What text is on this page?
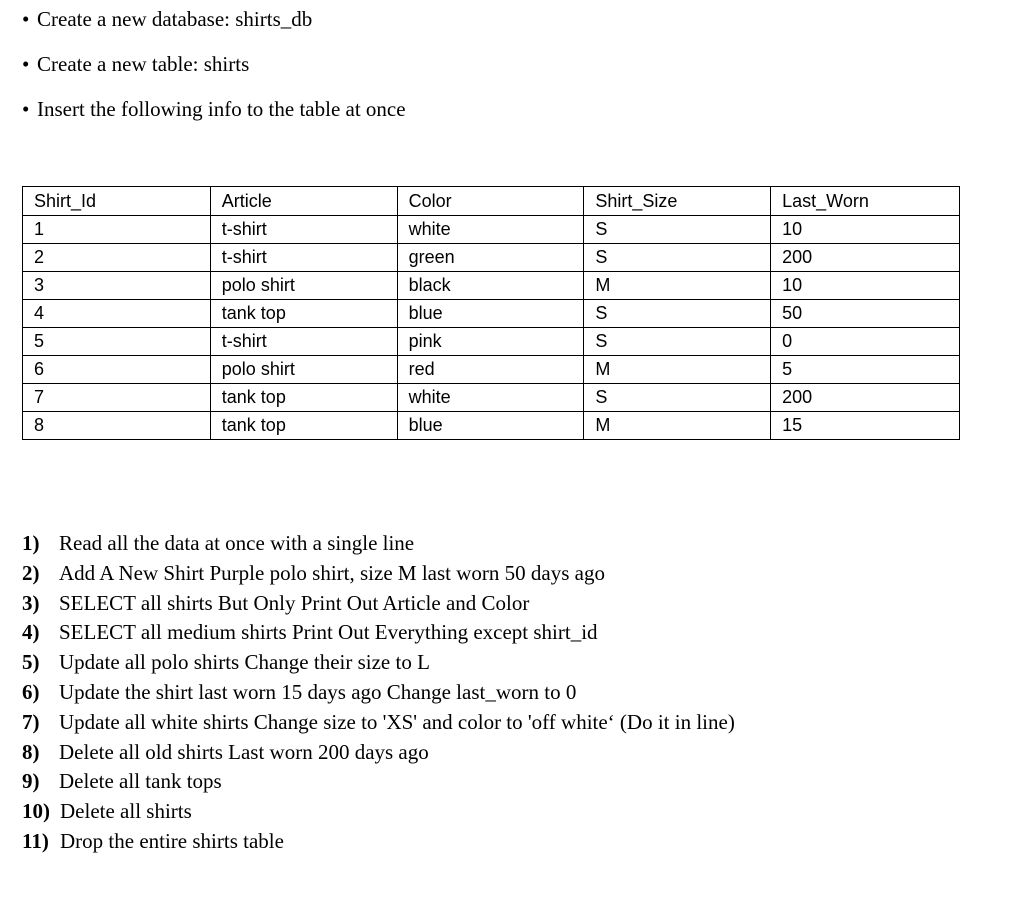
• Create a new database: shirts_db
• Create a new table: shirts
• Insert the following info to the table at once
Shirt_Id	Article	Color	Shirt_Size	Last_Worn
1	t-shirt	white	S	10
2	t-shirt	green	S	200
3	polo shirt	black	M	10
4	tank top	blue	S	50
5	t-shirt	pink	S	0
6	polo shirt	red	M	5
7	tank top	white	S	200
8	tank top	blue	M	15
1) Read all the data at once with a single line
2) Add A New Shirt Purple polo shirt, size M last worn 50 days ago
3) SELECT all shirts But Only Print Out Article and Color
4) SELECT all medium shirts Print Out Everything except shirt_id
5) Update all polo shirts Change their size to L
6) Update the shirt last worn 15 days ago Change last_worn to 0
7) Update all white shirts Change size to 'XS' and color to 'off white‘ (Do it in line)
8) Delete all old shirts Last worn 200 days ago
9) Delete all tank tops
10) Delete all shirts
11) Drop the entire shirts table
